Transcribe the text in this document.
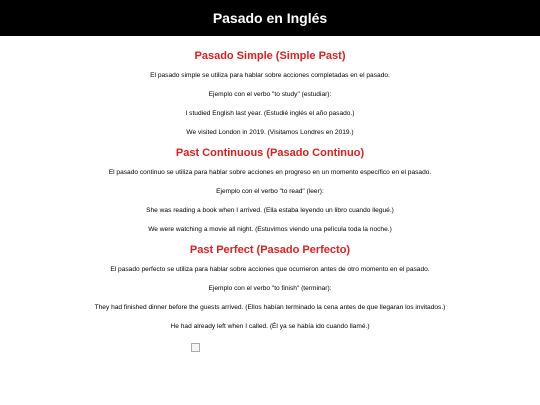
Pasado en Inglés
Pasado Simple (Simple Past)

El pasado simple se utiliza para hablar sobre acciones completadas en el pasado.

Ejemplo con el verbo "to study" (estudiar):

I studied English last year. (Estudié inglés el año pasado.)

We visited London in 2019. (Visitamos Londres en 2019.)

Past Continuous (Pasado Continuo)

El pasado continuo se utiliza para hablar sobre acciones en progreso en un momento específico en el pasado.

Ejemplo con el verbo "to read" (leer):

She was reading a book when I arrived. (Ella estaba leyendo un libro cuando llegué.)

We were watching a movie all night. (Estuvimos viendo una película toda la noche.)

Past Perfect (Pasado Perfecto)

El pasado perfecto se utiliza para hablar sobre acciones que ocurrieron antes de otro momento en el pasado.

Ejemplo con el verbo "to finish" (terminar):

They had finished dinner before the guests arrived. (Ellos habían terminado la cena antes de que llegaran los invitados.)

He had already left when I called. (Él ya se había ido cuando llamé.)
